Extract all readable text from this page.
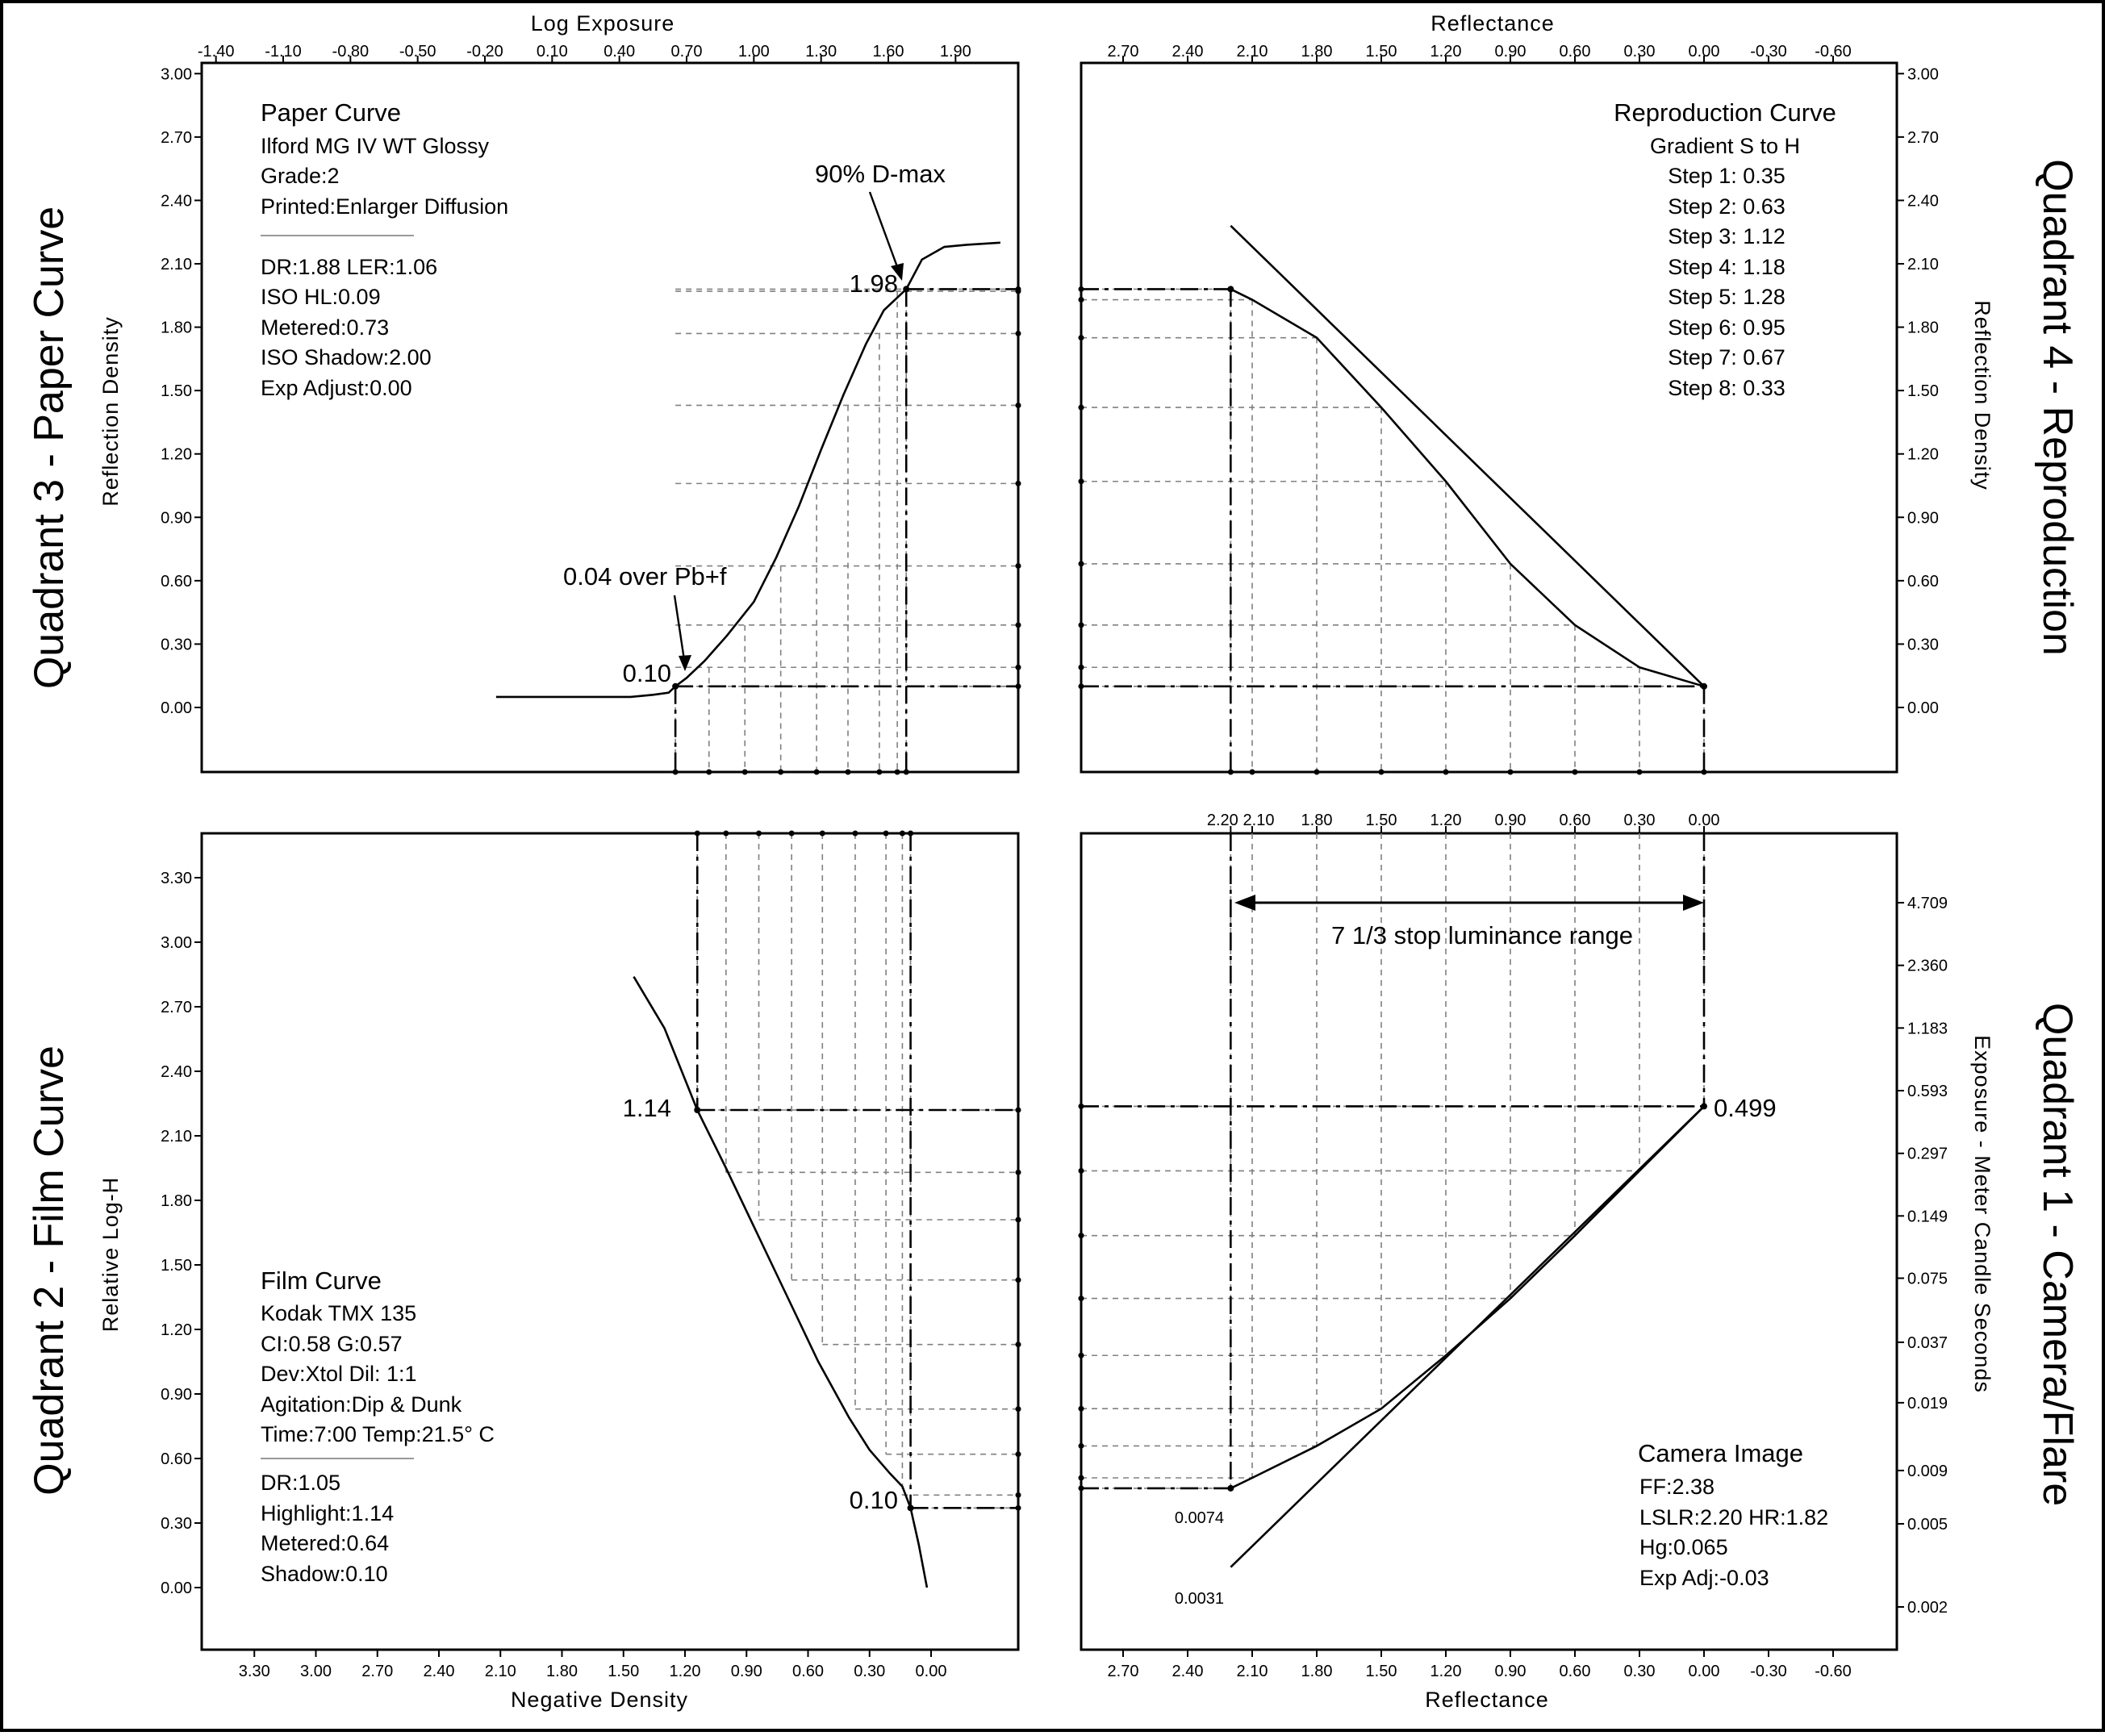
-1.40 -1.10 -0.80 -0.50 -0.20 0.10 0.40 0.70 1.00 1.30 1.60 1.90
3.00
2.70
2.40
2.10
1.80
1.50
1.20
0.90
0.60
0.30
0.00
2.70 2.40 2.10 1.80 1.50 1.20 0.90 0.60 0.30 0.00 -0.30 -0.60
3.00
2.70
2.40
2.10
1.80
1.50
1.20
0.90
0.60
0.30
0.00
3.30 3.00 2.70 2.40 2.10 1.80 1.50 1.20 0.90 0.60 0.30 0.00
3.30
3.00
2.70
2.40
2.10
1.80
1.50
1.20
0.90
0.60
0.30
0.00
2.70 2.40 2.10 1.80 1.50 1.20 0.90 0.60 0.30 0.00 -0.30 -0.60
2.20 2.10 1.80 1.50 1.20 0.90 0.60 0.30 0.00
4.709
2.360
1.183
0.593
0.297
0.149
0.075
0.037
0.019
0.009
0.005
0.002
Quadrant 3 - Paper Curve
Log Exposure
Reflection Density
Paper Curve
Ilford MG IV WT Glossy
Grade:2
Printed:Enlarger Diffusion
DR:1.88 LER:1.06
ISO HL:0.09
Metered:0.73
ISO Shadow:2.00
Exp Adjust:0.00
90% D-max
0.04 over Pb+f
1.98
0.10
Quadrant 4 - Reproduction
Reflectance
Reflection Density
Reproduction Curve
Gradient S to H
Step 1: 0.35
Step 2: 0.63
Step 3: 1.12
Step 4: 1.18
Step 5: 1.28
Step 6: 0.95
Step 7: 0.67
Step 8: 0.33
Quadrant 2 - Film Curve
Negative Density
Relative Log-H	Film Curve
Kodak TMX 135
CI:0.58 G:0.57
Dev:Xtol Dil: 1:1
Agitation:Dip & Dunk
Time:7:00 Temp:21.5° C
DR:1.05
Highlight:1.14
Metered:0.64
Shadow:0.10
1.14
0.10	Quadrant 1 - Camera/Flare
Reflectance
Exposure - Meter Candle Seconds
Camera Image
FF:2.38
LSLR:2.20 HR:1.82
Hg:0.065
Exp Adj:-0.03
7 1/3 stop luminance range
0.499
0.0074
0.0031
